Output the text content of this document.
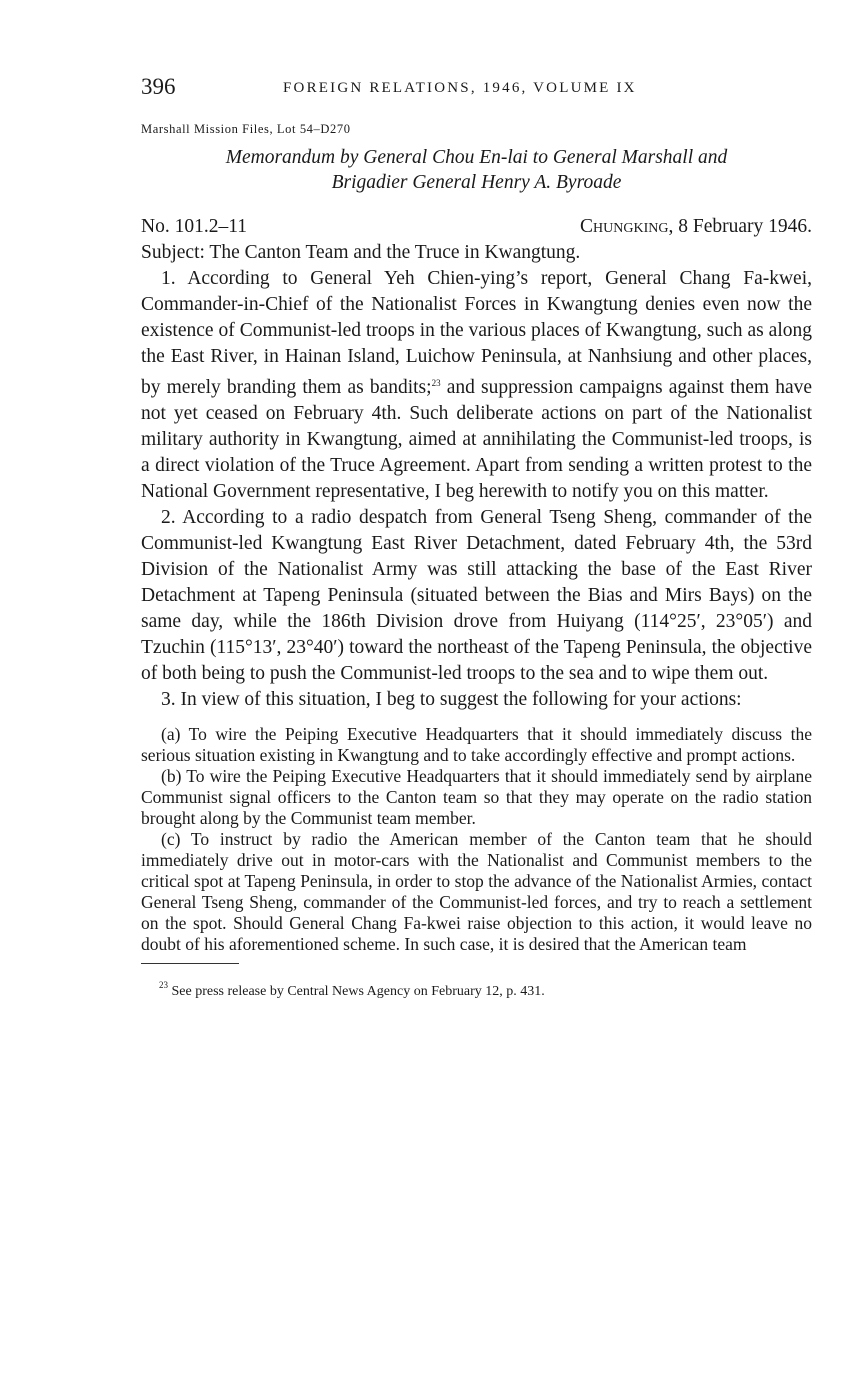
396	FOREIGN RELATIONS, 1946, VOLUME IX
Marshall Mission Files, Lot 54–D270
Memorandum by General Chou En-lai to General Marshall and
Brigadier General Henry A. Byroade
No. 101.2–11	Chungking, 8 February 1946.
Subject: The Canton Team and the Truce in Kwangtung.

1. According to General Yeh Chien-ying’s report, General Chang Fa-kwei, Commander-in-Chief of the Nationalist Forces in Kwangtung denies even now the existence of Communist-led troops in the various places of Kwangtung, such as along the East River, in Hainan Island, Luichow Peninsula, at Nanhsiung and other places, by merely branding them as bandits;$^{23}$ and suppression campaigns against them have not yet ceased on February 4th. Such deliberate actions on part of the Nationalist military authority in Kwangtung, aimed at annihilating the Communist-led troops, is a direct violation of the Truce Agreement. Apart from sending a written protest to the National Government representative, I beg herewith to notify you on this matter.

2. According to a radio despatch from General Tseng Sheng, commander of the Communist-led Kwangtung East River Detachment, dated February 4th, the 53rd Division of the Nationalist Army was still attacking the base of the East River Detachment at Tapeng Peninsula (situated between the Bias and Mirs Bays) on the same day, while the 186th Division drove from Huiyang (114°25′, 23°05′) and Tzuchin (115°13′, 23°40′) toward the northeast of the Tapeng Peninsula, the objective of both being to push the Communist-led troops to the sea and to wipe them out.

3. In view of this situation, I beg to suggest the following for your actions:

(a) To wire the Peiping Executive Headquarters that it should immediately discuss the serious situation existing in Kwangtung and to take accordingly effective and prompt actions.

(b) To wire the Peiping Executive Headquarters that it should immediately send by airplane Communist signal officers to the Canton team so that they may operate on the radio station brought along by the Communist team member.

(c) To instruct by radio the American member of the Canton team that he should immediately drive out in motor-cars with the Nationalist and Communist members to the critical spot at Tapeng Peninsula, in order to stop the advance of the Nationalist Armies, contact General Tseng Sheng, commander of the Communist-led forces, and try to reach a settlement on the spot. Should General Chang Fa-kwei raise objection to this action, it would leave no doubt of his aforementioned scheme. In such case, it is desired that the American team

$^{23}$ See press release by Central News Agency on February 12, p. 431.
